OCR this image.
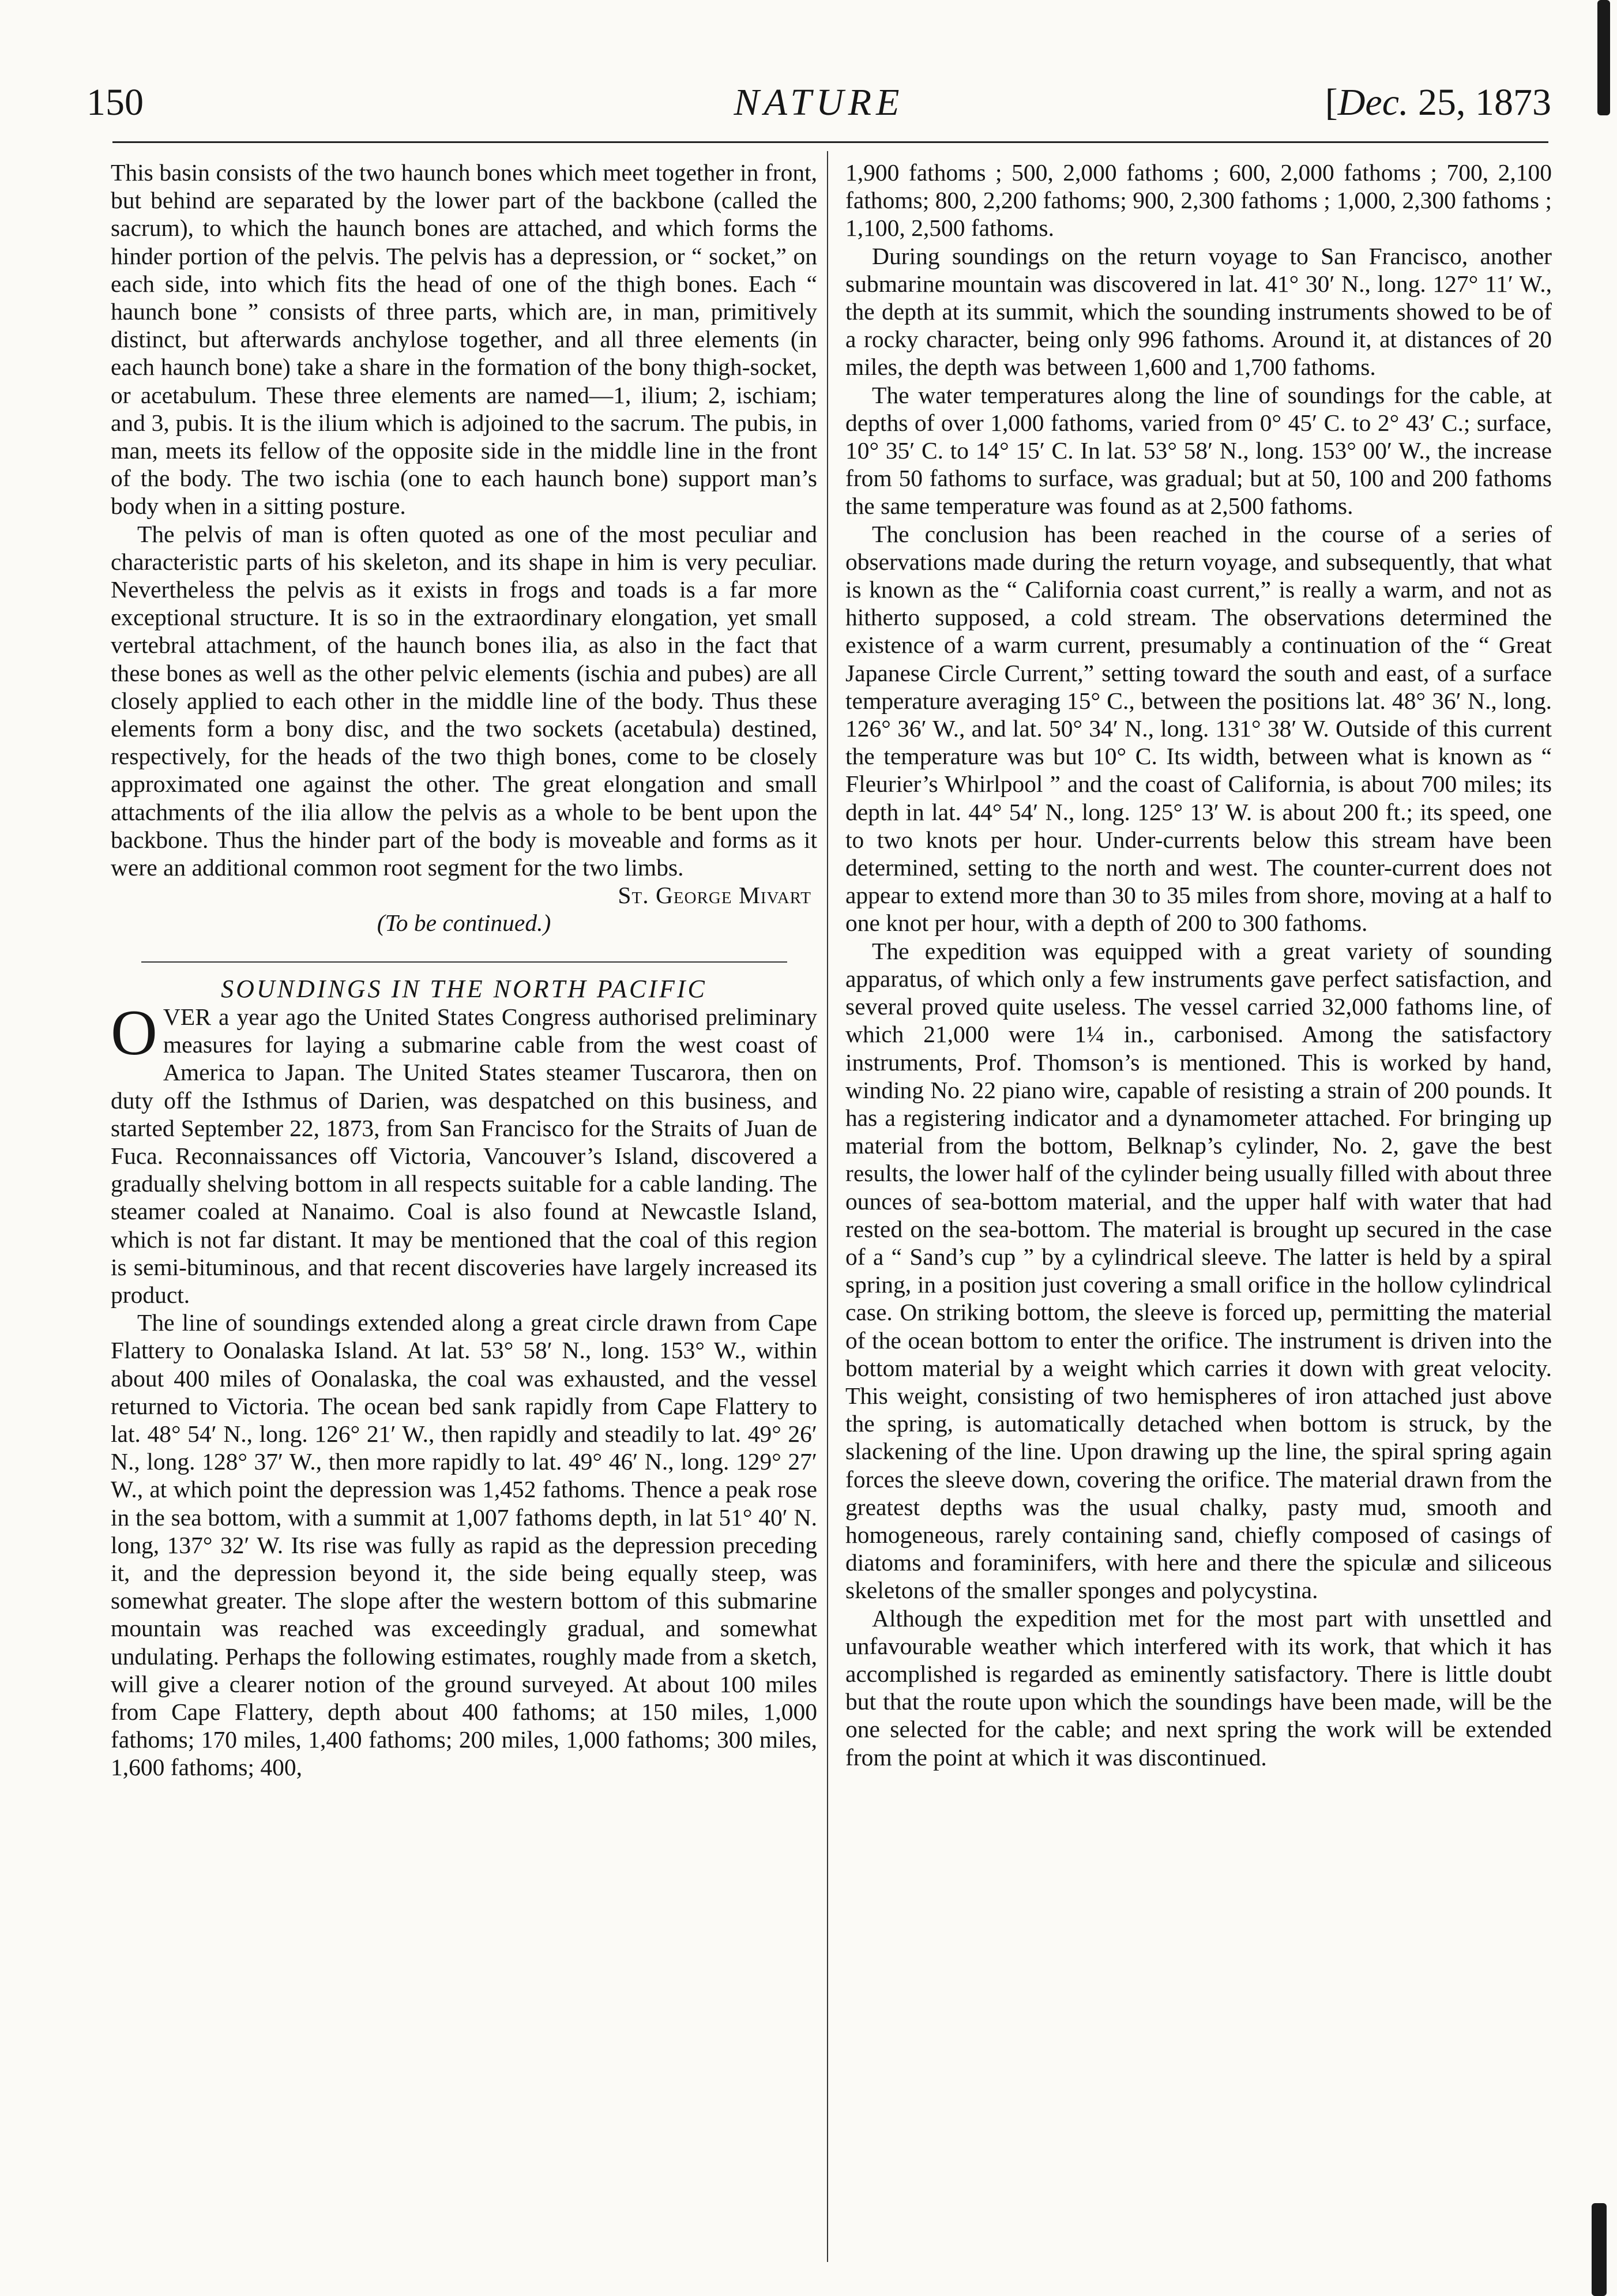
150	NATURE	[Dec. 25, 1873

This basin consists of the two haunch bones which meet together in front, but behind are separated by the lower part of the backbone (called the sacrum), to which the haunch bones are attached, and which forms the hinder portion of the pelvis. The pelvis has a depression, or “ socket,” on each side, into which fits the head of one of the thigh bones. Each “ haunch bone ” consists of three parts, which are, in man, primitively distinct, but afterwards anchylose together, and all three elements (in each haunch bone) take a share in the formation of the bony thigh-socket, or acetabulum. These three elements are named—1, ilium; 2, ischiam; and 3, pubis. It is the ilium which is adjoined to the sacrum. The pubis, in man, meets its fellow of the opposite side in the middle line in the front of the body. The two ischia (one to each haunch bone) support man’s body when in a sitting posture.

The pelvis of man is often quoted as one of the most peculiar and characteristic parts of his skeleton, and its shape in him is very peculiar. Nevertheless the pelvis as it exists in frogs and toads is a far more exceptional structure. It is so in the extraordinary elongation, yet small vertebral attachment, of the haunch bones ilia, as also in the fact that these bones as well as the other pelvic elements (ischia and pubes) are all closely applied to each other in the middle line of the body. Thus these elements form a bony disc, and the two sockets (acetabula) destined, respectively, for the heads of the two thigh bones, come to be closely approximated one against the other. The great elongation and small attachments of the ilia allow the pelvis as a whole to be bent upon the backbone. Thus the hinder part of the body is moveable and forms as it were an additional common root segment for the two limbs.

St. George Mivart

(To be continued.)

SOUNDINGS IN THE NORTH PACIFIC

OVER a year ago the United States Congress authorised preliminary measures for laying a submarine cable from the west coast of America to Japan. The United States steamer Tuscarora, then on duty off the Isthmus of Darien, was despatched on this business, and started September 22, 1873, from San Francisco for the Straits of Juan de Fuca. Reconnaissances off Victoria, Vancouver’s Island, discovered a gradually shelving bottom in all respects suitable for a cable landing. The steamer coaled at Nanaimo. Coal is also found at Newcastle Island, which is not far distant. It may be mentioned that the coal of this region is semi-bituminous, and that recent discoveries have largely increased its product.

The line of soundings extended along a great circle drawn from Cape Flattery to Oonalaska Island. At lat. 53° 58′ N., long. 153° W., within about 400 miles of Oonalaska, the coal was exhausted, and the vessel returned to Victoria. The ocean bed sank rapidly from Cape Flattery to lat. 48° 54′ N., long. 126° 21′ W., then rapidly and steadily to lat. 49° 26′ N., long. 128° 37′ W., then more rapidly to lat. 49° 46′ N., long. 129° 27′ W., at which point the depression was 1,452 fathoms. Thence a peak rose in the sea bottom, with a summit at 1,007 fathoms depth, in lat 51° 40′ N. long, 137° 32′ W. Its rise was fully as rapid as the depression preceding it, and the depression beyond it, the side being equally steep, was somewhat greater. The slope after the western bottom of this submarine mountain was reached was exceedingly gradual, and somewhat undulating. Perhaps the following estimates, roughly made from a sketch, will give a clearer notion of the ground surveyed. At about 100 miles from Cape Flattery, depth about 400 fathoms; at 150 miles, 1,000 fathoms; 170 miles, 1,400 fathoms; 200 miles, 1,000 fathoms; 300 miles, 1,600 fathoms; 400,

1,900 fathoms ; 500, 2,000 fathoms ; 600, 2,000 fathoms ; 700, 2,100 fathoms; 800, 2,200 fathoms; 900, 2,300 fathoms ; 1,000, 2,300 fathoms ; 1,100, 2,500 fathoms.

During soundings on the return voyage to San Francisco, another submarine mountain was discovered in lat. 41° 30′ N., long. 127° 11′ W., the depth at its summit, which the sounding instruments showed to be of a rocky character, being only 996 fathoms. Around it, at distances of 20 miles, the depth was between 1,600 and 1,700 fathoms.

The water temperatures along the line of soundings for the cable, at depths of over 1,000 fathoms, varied from 0° 45′ C. to 2° 43′ C.; surface, 10° 35′ C. to 14° 15′ C. In lat. 53° 58′ N., long. 153° 00′ W., the increase from 50 fathoms to surface, was gradual; but at 50, 100 and 200 fathoms the same temperature was found as at 2,500 fathoms.

The conclusion has been reached in the course of a series of observations made during the return voyage, and subsequently, that what is known as the “ California coast current,” is really a warm, and not as hitherto supposed, a cold stream. The observations determined the existence of a warm current, presumably a continuation of the “ Great Japanese Circle Current,” setting toward the south and east, of a surface temperature averaging 15° C., between the positions lat. 48° 36′ N., long. 126° 36′ W., and lat. 50° 34′ N., long. 131° 38′ W. Outside of this current the temperature was but 10° C. Its width, between what is known as “ Fleurier’s Whirlpool ” and the coast of California, is about 700 miles; its depth in lat. 44° 54′ N., long. 125° 13′ W. is about 200 ft.; its speed, one to two knots per hour. Under-currents below this stream have been determined, setting to the north and west. The counter-current does not appear to extend more than 30 to 35 miles from shore, moving at a half to one knot per hour, with a depth of 200 to 300 fathoms.

The expedition was equipped with a great variety of sounding apparatus, of which only a few instruments gave perfect satisfaction, and several proved quite useless. The vessel carried 32,000 fathoms line, of which 21,000 were 1¼ in., carbonised. Among the satisfactory instruments, Prof. Thomson’s is mentioned. This is worked by hand, winding No. 22 piano wire, capable of resisting a strain of 200 pounds. It has a registering indicator and a dynamometer attached. For bringing up material from the bottom, Belknap’s cylinder, No. 2, gave the best results, the lower half of the cylinder being usually filled with about three ounces of sea-bottom material, and the upper half with water that had rested on the sea-bottom. The material is brought up secured in the case of a “ Sand’s cup ” by a cylindrical sleeve. The latter is held by a spiral spring, in a position just covering a small orifice in the hollow cylindrical case. On striking bottom, the sleeve is forced up, permitting the material of the ocean bottom to enter the orifice. The instrument is driven into the bottom material by a weight which carries it down with great velocity. This weight, consisting of two hemispheres of iron attached just above the spring, is automatically detached when bottom is struck, by the slackening of the line. Upon drawing up the line, the spiral spring again forces the sleeve down, covering the orifice. The material drawn from the greatest depths was the usual chalky, pasty mud, smooth and homogeneous, rarely containing sand, chiefly composed of casings of diatoms and foraminifers, with here and there the spiculæ and siliceous skeletons of the smaller sponges and polycystina.

Although the expedition met for the most part with unsettled and unfavourable weather which interfered with its work, that which it has accomplished is regarded as eminently satisfactory. There is little doubt but that the route upon which the soundings have been made, will be the one selected for the cable; and next spring the work will be extended from the point at which it was discontinued.
